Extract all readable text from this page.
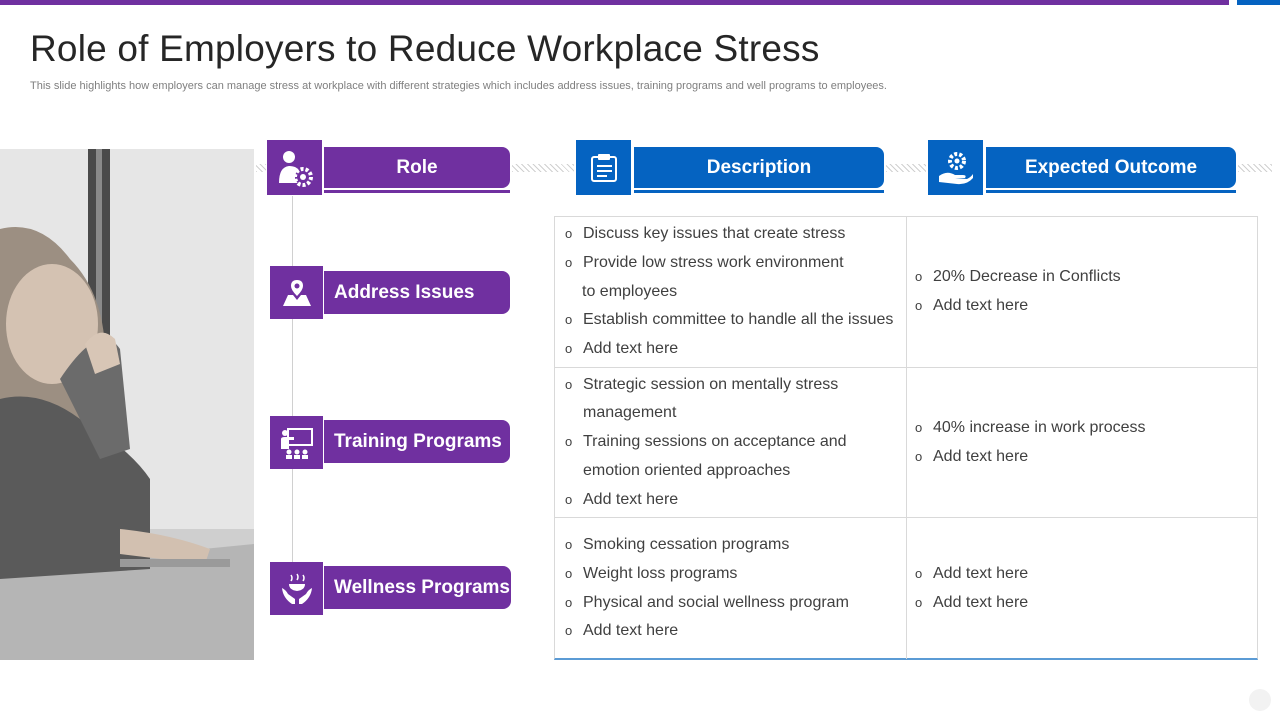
Role of Employers to Reduce Workplace Stress
This slide highlights how employers can manage stress at workplace with different strategies which includes address issues, training programs and well programs to employees.
Role	Description	Expected Outcome
Address Issues
Training Programs
Wellness Programs
o Discuss key issues that create stress
o Provide low stress work environment
to employees
o Establish committee to handle all the issues
o Add text here
o 20% Decrease in Conflicts
o Add text here
o Strategic session on mentally stress
management
o Training sessions on acceptance and
emotion oriented approaches
o Add text here
o 40% increase in work process
o Add text here
o Smoking cessation programs
o Weight loss programs
o Physical and social wellness program
o Add text here
o Add text here
o Add text here
